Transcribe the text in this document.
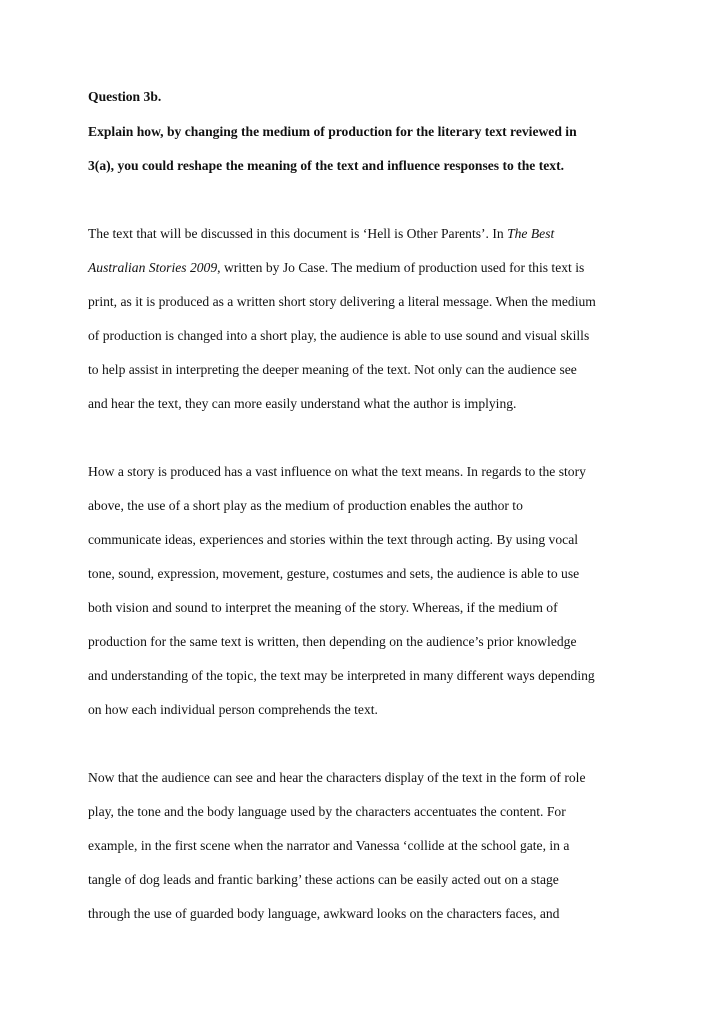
Question 3b.
Explain how, by changing the medium of production for the literary text reviewed in
3(a), you could reshape the meaning of the text and influence responses to the text.
The text that will be discussed in this document is ‘Hell is Other Parents’. In The Best
Australian Stories 2009, written by Jo Case. The medium of production used for this text is
print, as it is produced as a written short story delivering a literal message. When the medium
of production is changed into a short play, the audience is able to use sound and visual skills
to help assist in interpreting the deeper meaning of the text. Not only can the audience see
and hear the text, they can more easily understand what the author is implying.
How a story is produced has a vast influence on what the text means. In regards to the story
above, the use of a short play as the medium of production enables the author to
communicate ideas, experiences and stories within the text through acting. By using vocal
tone, sound, expression, movement, gesture, costumes and sets, the audience is able to use
both vision and sound to interpret the meaning of the story. Whereas, if the medium of
production for the same text is written, then depending on the audience’s prior knowledge
and understanding of the topic, the text may be interpreted in many different ways depending
on how each individual person comprehends the text.
Now that the audience can see and hear the characters display of the text in the form of role
play, the tone and the body language used by the characters accentuates the content. For
example, in the first scene when the narrator and Vanessa ‘collide at the school gate, in a
tangle of dog leads and frantic barking’ these actions can be easily acted out on a stage
through the use of guarded body language, awkward looks on the characters faces, and
